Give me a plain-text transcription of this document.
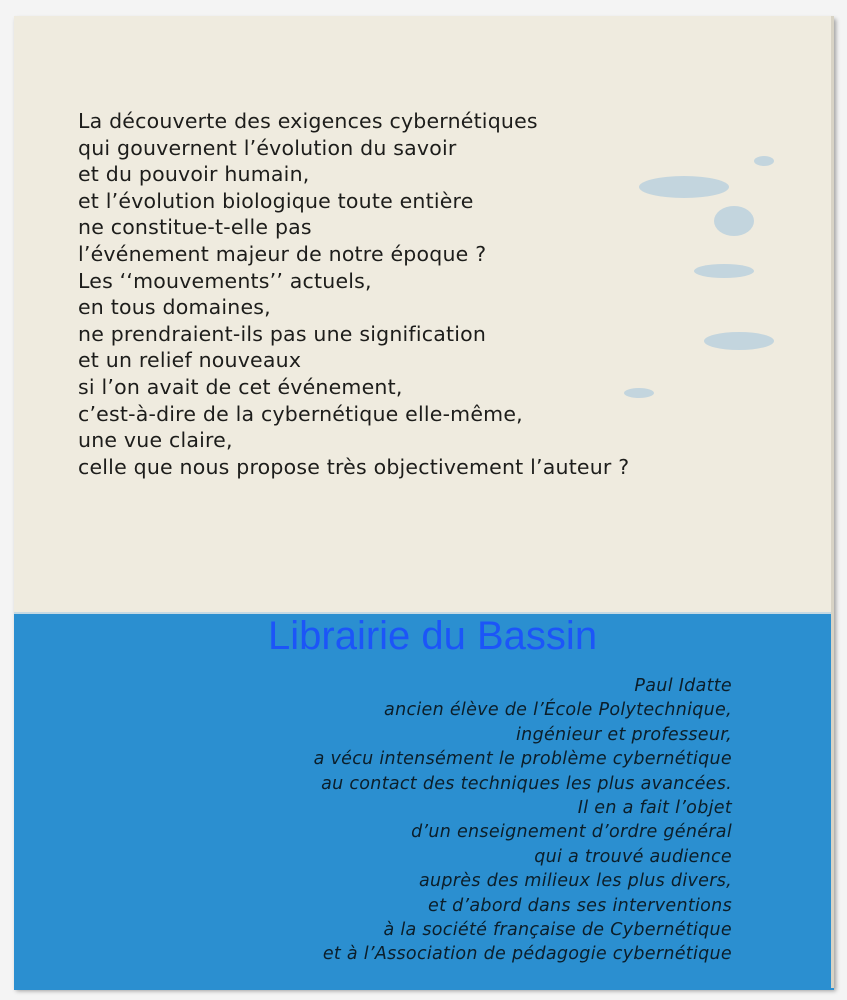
La découverte des exigences cybernétiques
qui gouvernent l’évolution du savoir
et du pouvoir humain,
et l’évolution biologique toute entière
ne constitue-t-elle pas
l’événement majeur de notre époque ?
Les ‘‘mouvements’’ actuels,
en tous domaines,
ne prendraient-ils pas une signification
et un relief nouveaux
si l’on avait de cet événement,
c’est-à-dire de la cybernétique elle-même,
une vue claire,
celle que nous propose très objectivement l’auteur ?
Librairie du Bassin
Paul Idatte
ancien élève de l’École Polytechnique,
ingénieur et professeur,
a vécu intensément le problème cybernétique
au contact des techniques les plus avancées.
Il en a fait l’objet
d’un enseignement d’ordre général
qui a trouvé audience
auprès des milieux les plus divers,
et d’abord dans ses interventions
à la société française de Cybernétique
et à l’Association de pédagogie cybernétique
